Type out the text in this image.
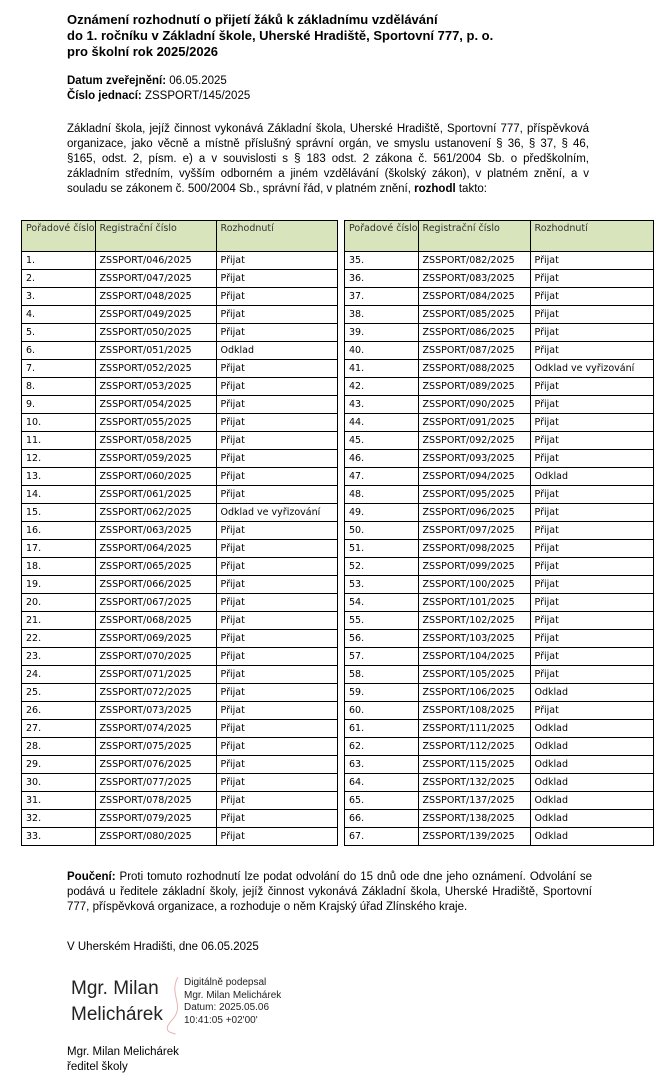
Oznámení rozhodnutí o přijetí žáků k základnímu vzdělávání
do 1. ročníku v Základní škole, Uherské Hradiště, Sportovní 777, p. o.
pro školní rok 2025/2026
Datum zveřejnění: 06.05.2025
Číslo jednací: ZSSPORT/145/2025
Základní škola, jejíž činnost vykonává Základní škola, Uherské Hradiště, Sportovní 777, příspěvková organizace, jako věcně a místně příslušný správní orgán, ve smyslu ustanovení § 36, § 37, § 46, §165, odst. 2, písm. e) a v souvislosti s § 183 odst. 2 zákona č. 561/2004 Sb. o předškolním, základním středním, vyšším odborném a jiném vzdělávání (školský zákon), v platném znění, a v souladu se zákonem č. 500/2004 Sb., správní řád, v platném znění, rozhodl takto:
Pořadové číslo	Registrační číslo	Rozhodnutí
1.	ZSSPORT/046/2025	Přijat
2.	ZSSPORT/047/2025	Přijat
3.	ZSSPORT/048/2025	Přijat
4.	ZSSPORT/049/2025	Přijat
5.	ZSSPORT/050/2025	Přijat
6.	ZSSPORT/051/2025	Odklad
7.	ZSSPORT/052/2025	Přijat
8.	ZSSPORT/053/2025	Přijat
9.	ZSSPORT/054/2025	Přijat
10.	ZSSPORT/055/2025	Přijat
11.	ZSSPORT/058/2025	Přijat
12.	ZSSPORT/059/2025	Přijat
13.	ZSSPORT/060/2025	Přijat
14.	ZSSPORT/061/2025	Přijat
15.	ZSSPORT/062/2025	Odklad ve vyřizování
16.	ZSSPORT/063/2025	Přijat
17.	ZSSPORT/064/2025	Přijat
18.	ZSSPORT/065/2025	Přijat
19.	ZSSPORT/066/2025	Přijat
20.	ZSSPORT/067/2025	Přijat
21.	ZSSPORT/068/2025	Přijat
22.	ZSSPORT/069/2025	Přijat
23.	ZSSPORT/070/2025	Přijat
24.	ZSSPORT/071/2025	Přijat
25.	ZSSPORT/072/2025	Přijat
26.	ZSSPORT/073/2025	Přijat
27.	ZSSPORT/074/2025	Přijat
28.	ZSSPORT/075/2025	Přijat
29.	ZSSPORT/076/2025	Přijat
30.	ZSSPORT/077/2025	Přijat
31.	ZSSPORT/078/2025	Přijat
32.	ZSSPORT/079/2025	Přijat
33.	ZSSPORT/080/2025	Přijat
Pořadové číslo	Registrační číslo	Rozhodnutí
35.	ZSSPORT/082/2025	Přijat
36.	ZSSPORT/083/2025	Přijat
37.	ZSSPORT/084/2025	Přijat
38.	ZSSPORT/085/2025	Přijat
39.	ZSSPORT/086/2025	Přijat
40.	ZSSPORT/087/2025	Přijat
41.	ZSSPORT/088/2025	Odklad ve vyřizování
42.	ZSSPORT/089/2025	Přijat
43.	ZSSPORT/090/2025	Přijat
44.	ZSSPORT/091/2025	Přijat
45.	ZSSPORT/092/2025	Přijat
46.	ZSSPORT/093/2025	Přijat
47.	ZSSPORT/094/2025	Odklad
48.	ZSSPORT/095/2025	Přijat
49.	ZSSPORT/096/2025	Přijat
50.	ZSSPORT/097/2025	Přijat
51.	ZSSPORT/098/2025	Přijat
52.	ZSSPORT/099/2025	Přijat
53.	ZSSPORT/100/2025	Přijat
54.	ZSSPORT/101/2025	Přijat
55.	ZSSPORT/102/2025	Přijat
56.	ZSSPORT/103/2025	Přijat
57.	ZSSPORT/104/2025	Přijat
58.	ZSSPORT/105/2025	Přijat
59.	ZSSPORT/106/2025	Odklad
60.	ZSSPORT/108/2025	Přijat
61.	ZSSPORT/111/2025	Odklad
62.	ZSSPORT/112/2025	Odklad
63.	ZSSPORT/115/2025	Odklad
64.	ZSSPORT/132/2025	Odklad
65.	ZSSPORT/137/2025	Odklad
66.	ZSSPORT/138/2025	Odklad
67.	ZSSPORT/139/2025	Odklad
Poučení: Proti tomuto rozhodnutí lze podat odvolání do 15 dnů ode dne jeho oznámení. Odvolání se podává u ředitele základní školy, jejíž činnost vykonává Základní škola, Uherské Hradiště, Sportovní 777, příspěvková organizace, a rozhoduje o něm Krajský úřad Zlínského kraje.
V Uherském Hradišti, dne 06.05.2025
Mgr. Milan
Melichárek
Digitálně podepsal
Mgr. Milan Melichárek
Datum: 2025.05.06
10:41:05 +02'00'
Mgr. Milan Melichárek
ředitel školy
